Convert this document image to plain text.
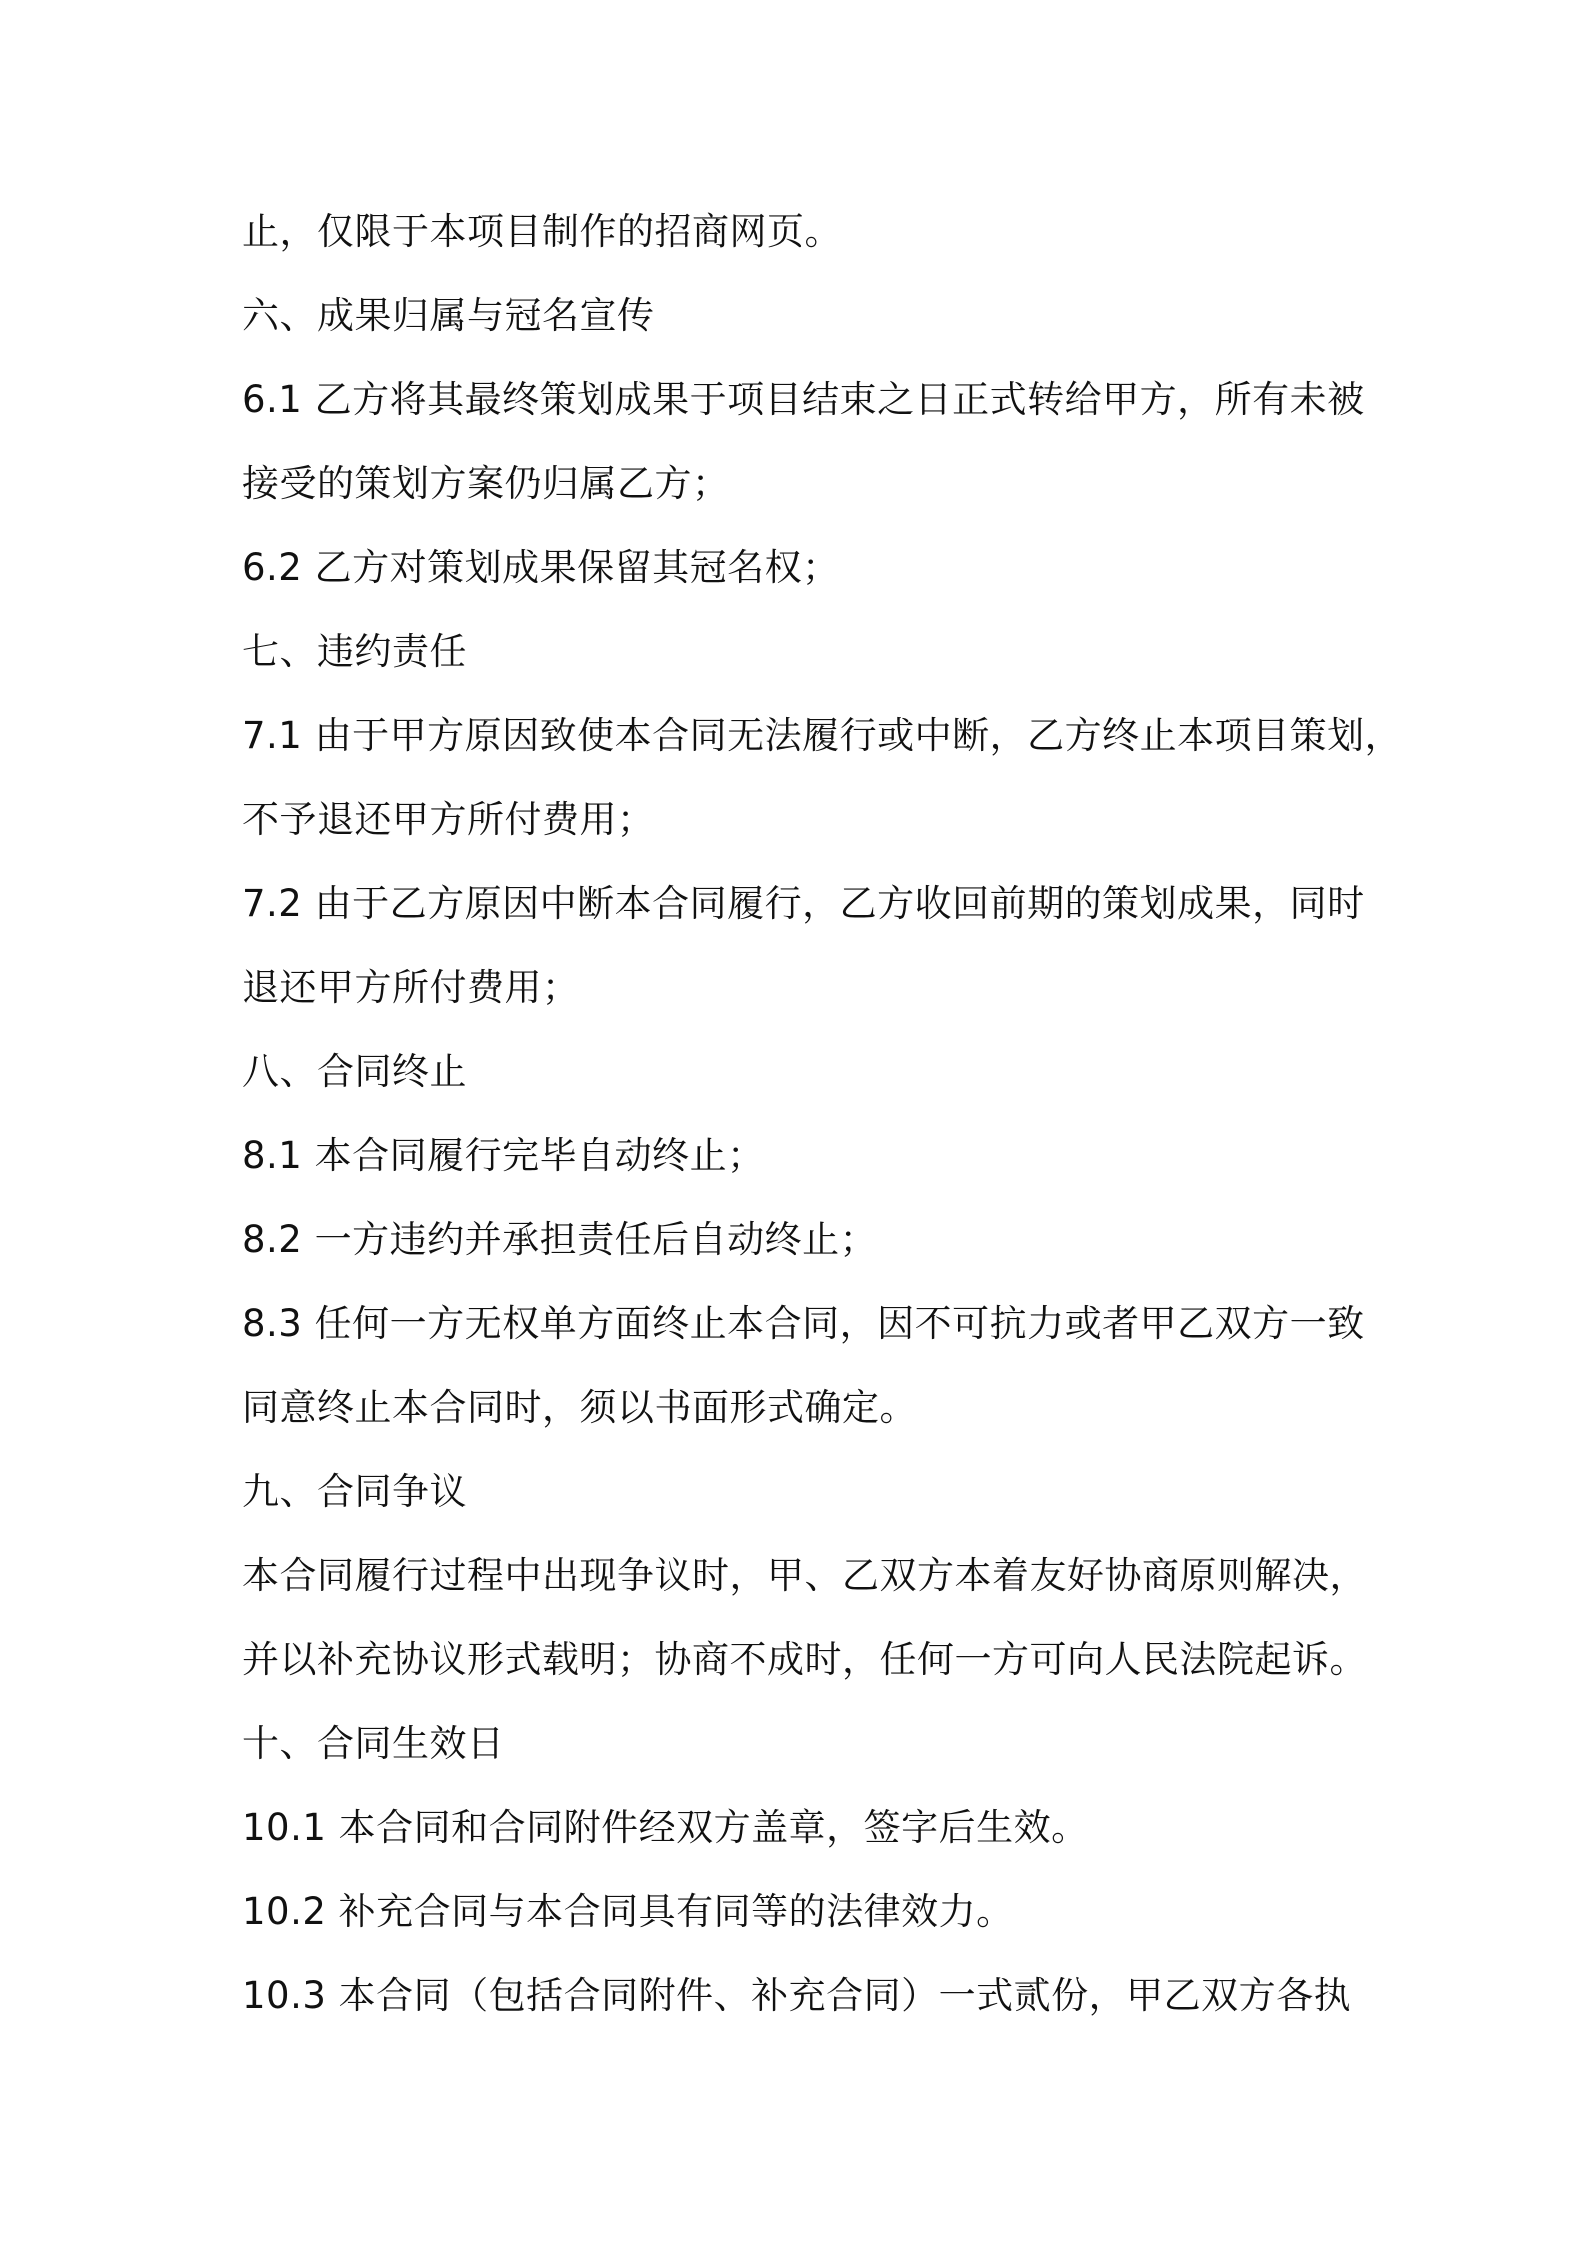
止，仅限于本项目制作的招商网页。
六、成果归属与冠名宣传
6.1 乙方将其最终策划成果于项目结束之日正式转给甲方，所有未被
接受的策划方案仍归属乙方；
6.2 乙方对策划成果保留其冠名权；
七、违约责任
7.1 由于甲方原因致使本合同无法履行或中断，乙方终止本项目策划，
不予退还甲方所付费用；
7.2 由于乙方原因中断本合同履行，乙方收回前期的策划成果，同时
退还甲方所付费用；
八、合同终止
8.1 本合同履行完毕自动终止；
8.2 一方违约并承担责任后自动终止；
8.3 任何一方无权单方面终止本合同，因不可抗力或者甲乙双方一致
同意终止本合同时，须以书面形式确定。
九、合同争议
本合同履行过程中出现争议时，甲、乙双方本着友好协商原则解决，
并以补充协议形式载明；协商不成时，任何一方可向人民法院起诉。
十、合同生效日
10.1 本合同和合同附件经双方盖章，签字后生效。
10.2 补充合同与本合同具有同等的法律效力。
10.3 本合同（包括合同附件、补充合同）一式贰份，甲乙双方各执
